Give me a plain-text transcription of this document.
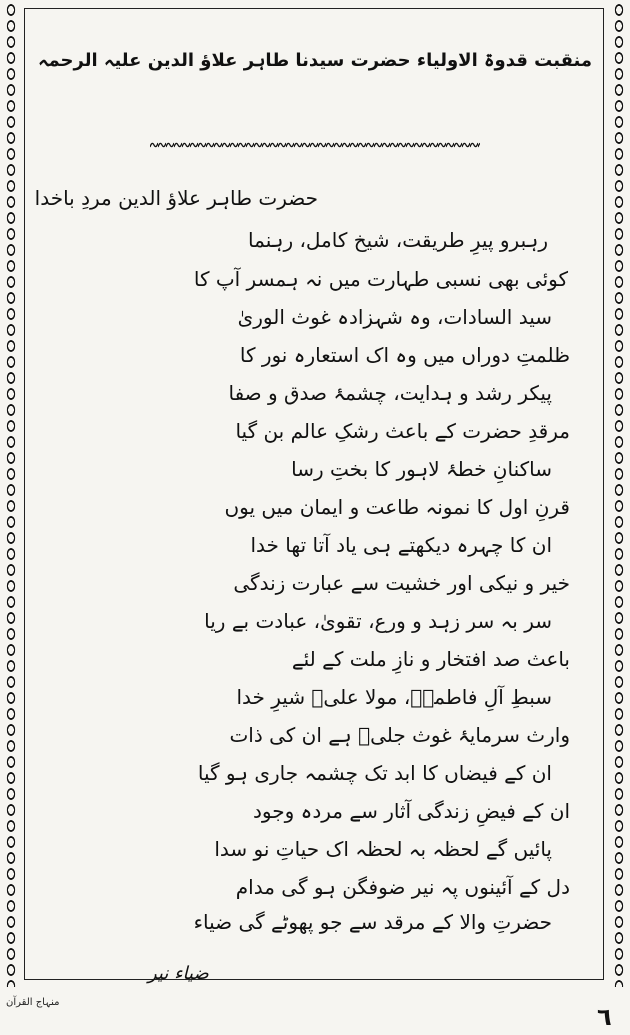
منقبت قدوۃ الاولیاء حضرت سیدنا طاہر علاؤ الدین علیہ الرحمہ
حضرت طاہر علاؤ الدین مردِ باخدا
رہبرو پیرِ طریقت، شیخ کامل، رہنما
کوئی بھی نسبی طہارت میں نہ ہمسر آپ کا
سید السادات، وہ شہزادہ غوث الوریٰ
ظلمتِ دوراں میں وہ اک استعارہ نور کا
پیکر رشد و ہدایت، چشمۂ صدق و صفا
مرقدِ حضرت کے باعث رشکِ عالم بن گیا
ساکنانِ خطۂ لاہور کا بختِ رسا
قرنِ اول کا نمونہ طاعت و ایمان میں یوں
ان کا چہرہ دیکھتے ہی یاد آتا تھا خدا
خیر و نیکی اور خشیت سے عبارت زندگی
سر بہ سر زہد و ورع، تقویٰ، عبادت بے ریا
باعث صد افتخار و نازِ ملت کے لئے
سبطِ آلِ فاطمہؓ، مولا علیؓ شیرِ خدا
وارث سرمایۂ غوث جلیؒ ہے ان کی ذات
ان کے فیضاں کا ابد تک چشمہ جاری ہو گیا
ان کے فیضِ زندگی آثار سے مردہ وجود
پائیں گے لحظہ بہ لحظہ اک حیاتِ نو سدا
دل کے آئینوں پہ نیر ضوفگن ہو گی مدام
حضرتِ والا کے مرقد سے جو پھوٹے گی ضیاء
ضیاء نیر
منہاج القرآن
٦
